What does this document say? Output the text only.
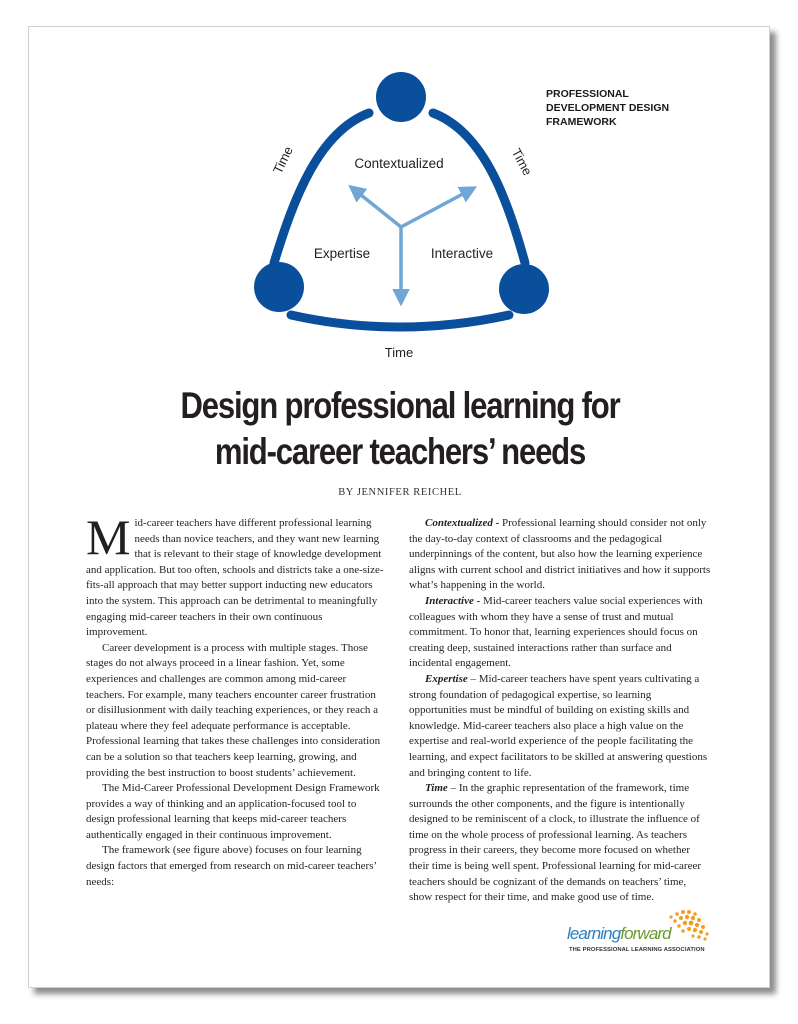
Contextualized
Expertise	Interactive
Time	Time
Time
PROFESSIONAL DEVELOPMENT DESIGN FRAMEWORK
Design professional learning for
mid-career teachers’ needs
BY JENNIFER REICHEL

Mid-career teachers have different professional learning needs than novice teachers, and they want new learning that is relevant to their stage of knowledge development and application. But too often, schools and districts take a one-size-fits-all approach that may better support inducting new educators into the system. This approach can be detrimental to meaningfully engaging mid-career teachers in their own continuous improvement.

Career development is a process with multiple stages. Those stages do not always proceed in a linear fashion. Yet, some experiences and challenges are common among mid-career teachers. For example, many teachers encounter career frustration or disillusionment with daily teaching experiences, or they reach a plateau where they feel adequate performance is acceptable. Professional learning that takes these challenges into consideration can be a solution so that teachers keep learning, growing, and providing the best instruction to boost students’ achievement.

The Mid-Career Professional Development Design Framework provides a way of thinking and an application-focused tool to design professional learning that keeps mid-career teachers authentically engaged in their continuous improvement.

The framework (see figure above) focuses on four learning design factors that emerged from research on mid-career teachers’ needs:

Contextualized - Professional learning should consider not only the day-to-day context of classrooms and the pedagogical underpinnings of the content, but also how the learning experience aligns with current school and district initiatives and how it supports what’s happening in the world.

Interactive - Mid-career teachers value social experiences with colleagues with whom they have a sense of trust and mutual commitment. To honor that, learning experiences should focus on creating deep, sustained interactions rather than surface and incidental engagement.

Expertise – Mid-career teachers have spent years cultivating a strong foundation of pedagogical expertise, so learning opportunities must be mindful of building on existing skills and knowledge. Mid-career teachers also place a high value on the expertise and real-world experience of the people facilitating the learning, and expect facilitators to be skilled at answering questions and bringing content to life.

Time – In the graphic representation of the framework, time surrounds the other components, and the figure is intentionally designed to be reminiscent of a clock, to illustrate the influence of time on the whole process of professional learning. As teachers progress in their careers, they become more focused on whether their time is being well spent. Professional learning for mid-career teachers should be cognizant of the demands on teachers’ time, show respect for their time, and make good use of time.

learningforward
THE PROFESSIONAL LEARNING ASSOCIATION
